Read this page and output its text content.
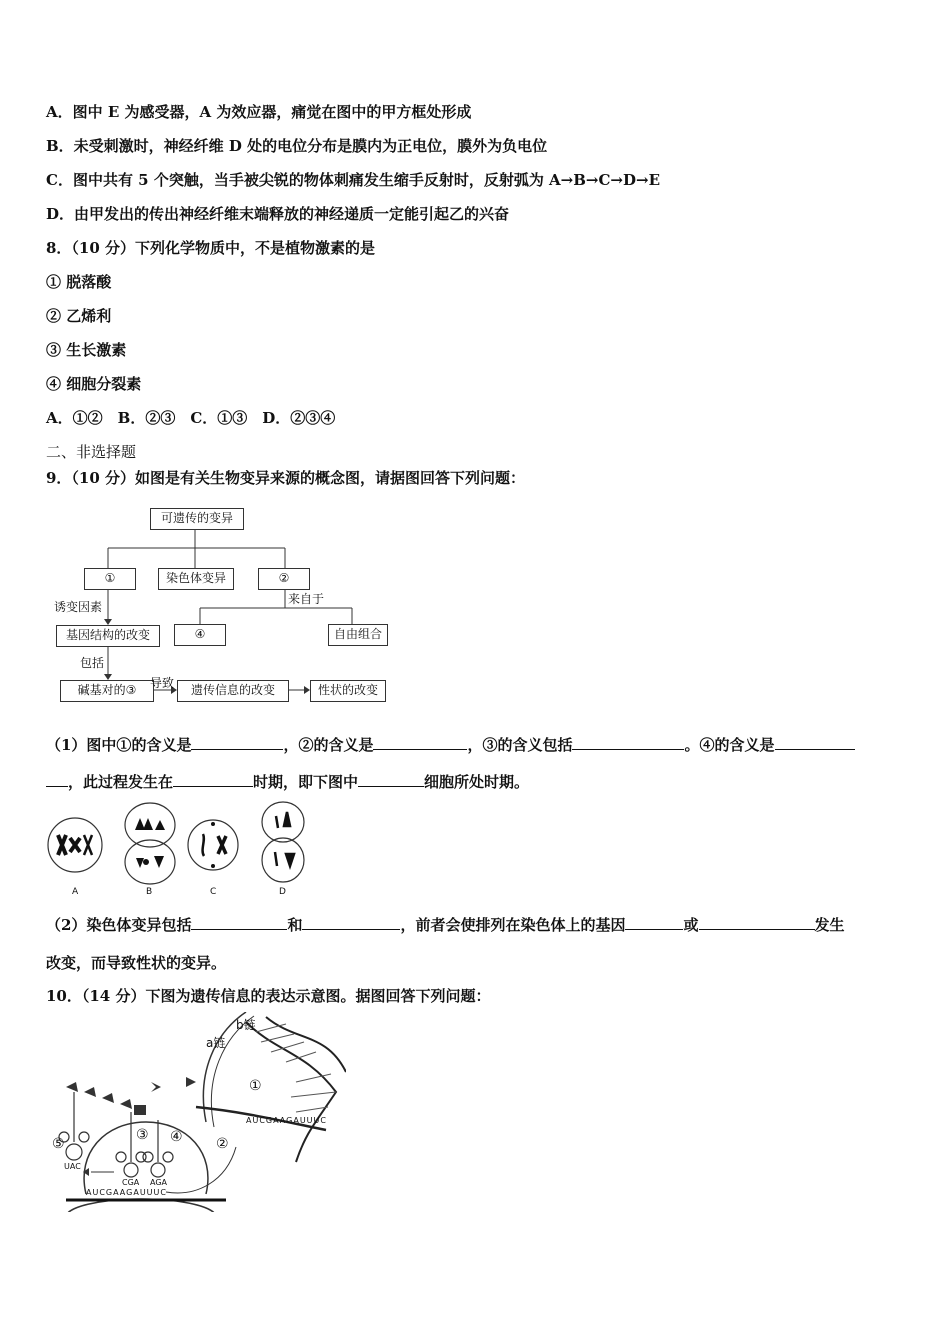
A．图中 E 为感受器，A 为效应器，痛觉在图中的甲方框处形成
B．未受刺激时，神经纤维 D 处的电位分布是膜内为正电位，膜外为负电位
C．图中共有 5 个突触，当手被尖锐的物体刺痛发生缩手反射时，反射弧为 A→B→C→D→E
D．由甲发出的传出神经纤维末端释放的神经递质一定能引起乙的兴奋
8．（10 分）下列化学物质中，不是植物激素的是
① 脱落酸
② 乙烯利
③ 生长激素
④ 细胞分裂素
A．①②　B．②③　C．①③　D．②③④
二、非选择题
9．（10 分）如图是有关生物变异来源的概念图，请据图回答下列问题：
可遗传的变异
①	染色体变异	②
诱变因素
来自于
基因结构的改变	④	自由组合
包括
碱基对的③	导致	遗传信息的改变	性状的改变
（1）图中①的含义是	，②的含义是	，③的含义包括	。④的含义是
，此过程发生在	时期，即下图中	细胞所处时期。
A	B	C	D
（2）染色体变异包括	和	，前者会使排列在染色体上的基因	或	发生
改变，而导致性状的变异。
10．（14 分）下图为遗传信息的表达示意图。据图回答下列问题：
b链
a链
①
②
③ ④
⑤
AUCGAAGAUUUC
AUCGAAGAUUUC
UAC
CGA AGA
